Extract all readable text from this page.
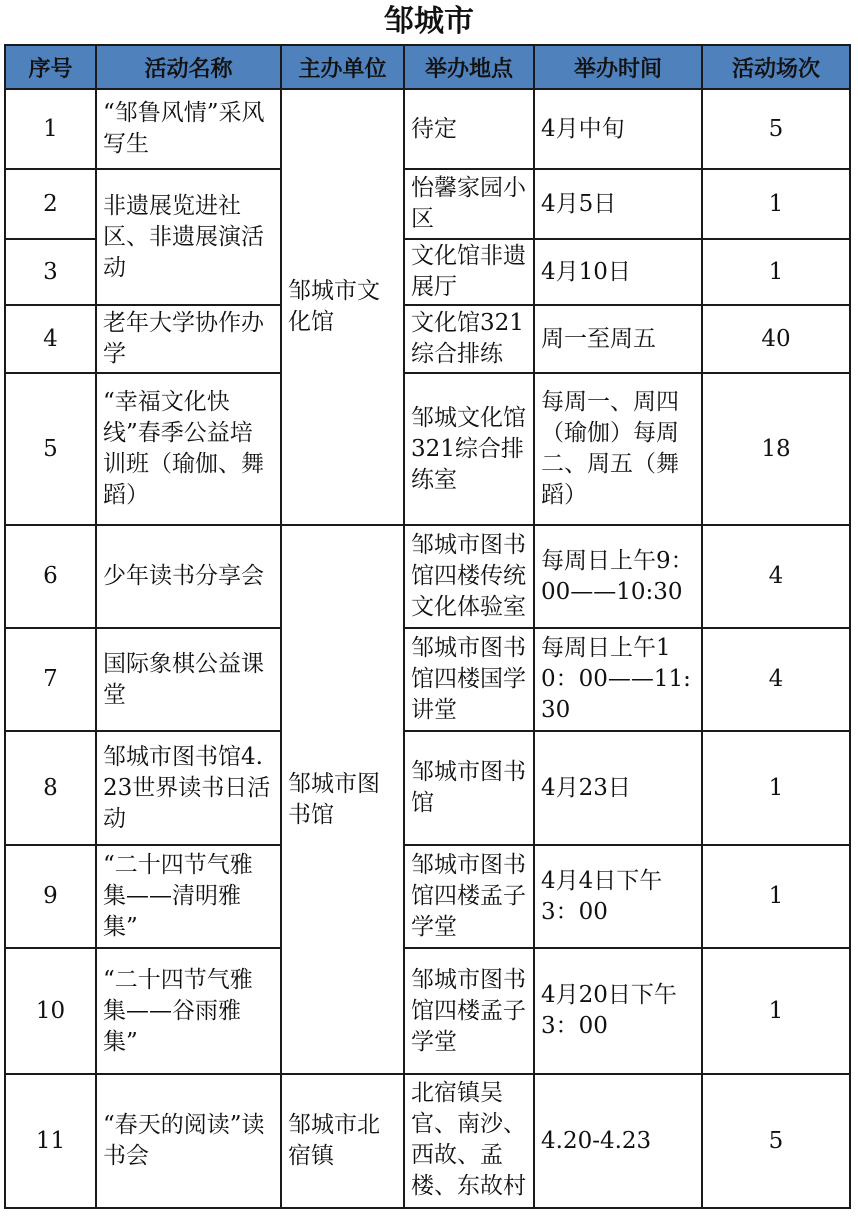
邹城市
序号	活动名称	主办单位	举办地点	举办时间	活动场次
1	“邹鲁风情”采风写生	邹城市文化馆	待定	4月中旬	5
2	非遗展览进社区、非遗展演活动		怡馨家园小区	4月5日	1
3			文化馆非遗展厅	4月10日	1
4	老年大学协作办学		文化馆321综合排练	周一至周五	40
5	“幸福文化快线”春季公益培训班（瑜伽、舞蹈）		邹城文化馆321综合排练室	每周一、周四（瑜伽）每周二、周五（舞蹈）	18
6	少年读书分享会	邹城市图书馆	邹城市图书馆四楼传统文化体验室	每周日上午9：00——10:30	4
7	国际象棋公益课堂		邹城市图书馆四楼国学讲堂	每周日上午10：00——11:30	4
8	邹城市图书馆4.23世界读书日活动		邹城市图书馆	4月23日	1
9	“二十四节气雅集——清明雅集”		邹城市图书馆四楼孟子学堂	4月4日下午3：00	1
10	“二十四节气雅集——谷雨雅集”		邹城市图书馆四楼孟子学堂	4月20日下午3：00	1
11	“春天的阅读”读书会	邹城市北宿镇	北宿镇吴官、南沙、西故、孟楼、东故村	4.20-4.23	5
